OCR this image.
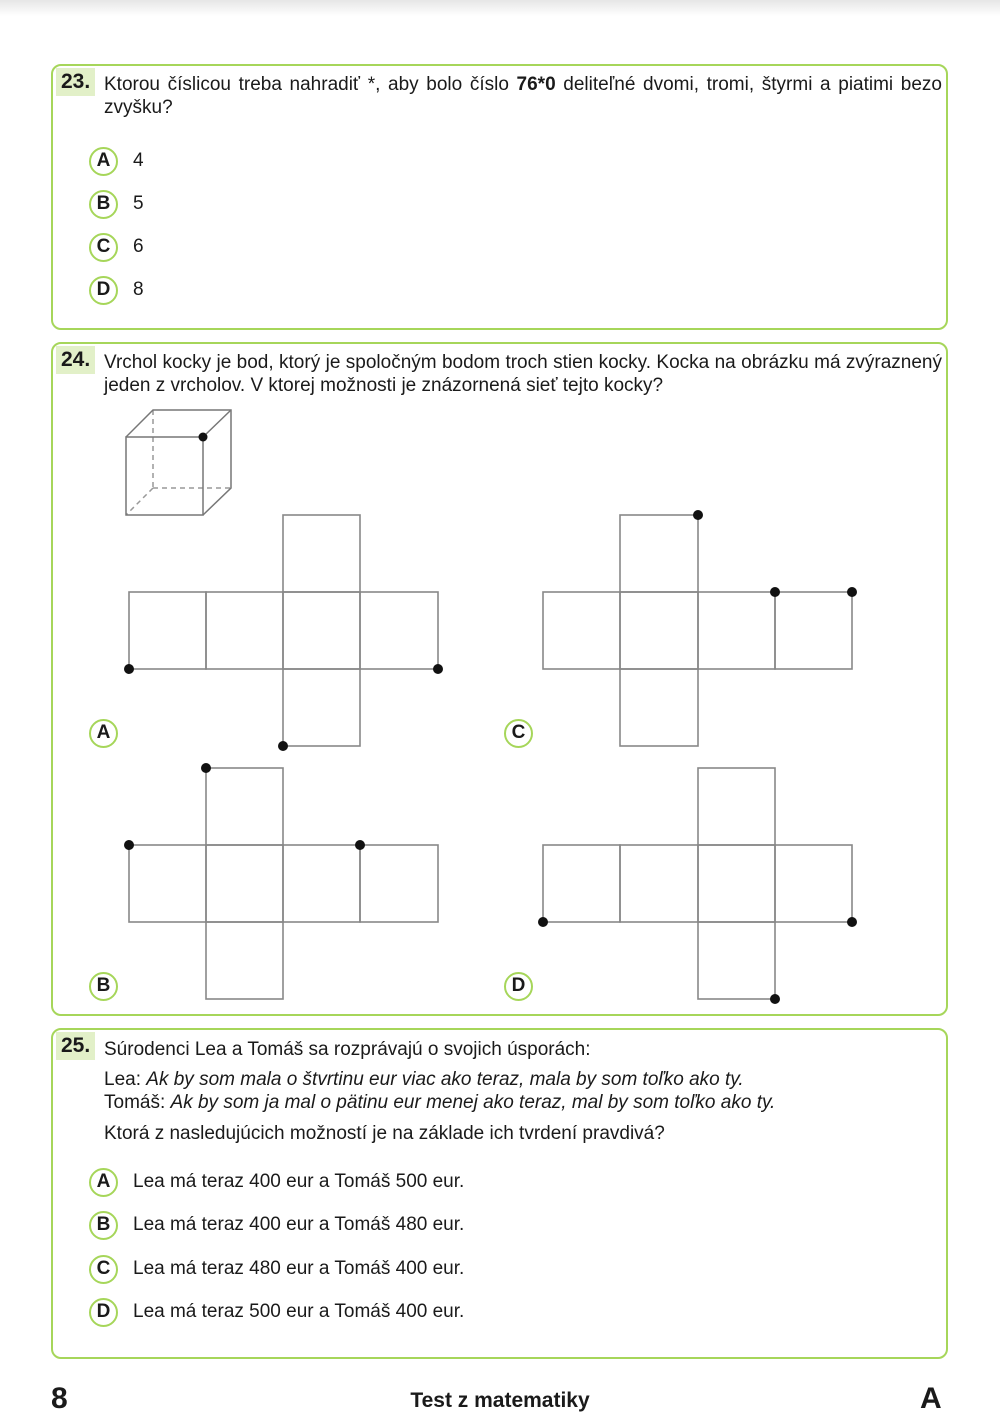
23. Ktorou číslicou treba nahradiť *, aby bolo číslo 76*0 deliteľné dvomi, tromi, štyrmi a piatimi bezo zvyšku?
A	4
B	5
C	6
D	8
24. Vrchol kocky je bod, ktorý je spoločným bodom troch stien kocky. Kocka na obrázku má zvýraznený jeden z vrcholov. V ktorej možnosti je znázornená sieť tejto kocky?
A	C
B	D
25. Súrodenci Lea a Tomáš sa rozprávajú o svojich úsporách:
Lea: Ak by som mala o štvrtinu eur viac ako teraz, mala by som toľko ako ty.
Tomáš: Ak by som ja mal o pätinu eur menej ako teraz, mal by som toľko ako ty.
Ktorá z nasledujúcich možností je na základe ich tvrdení pravdivá?
A	Lea má teraz 400 eur a Tomáš 500 eur.
B	Lea má teraz 400 eur a Tomáš 480 eur.
C	Lea má teraz 480 eur a Tomáš 400 eur.
D	Lea má teraz 500 eur a Tomáš 400 eur.
8	Test z matematiky	A
